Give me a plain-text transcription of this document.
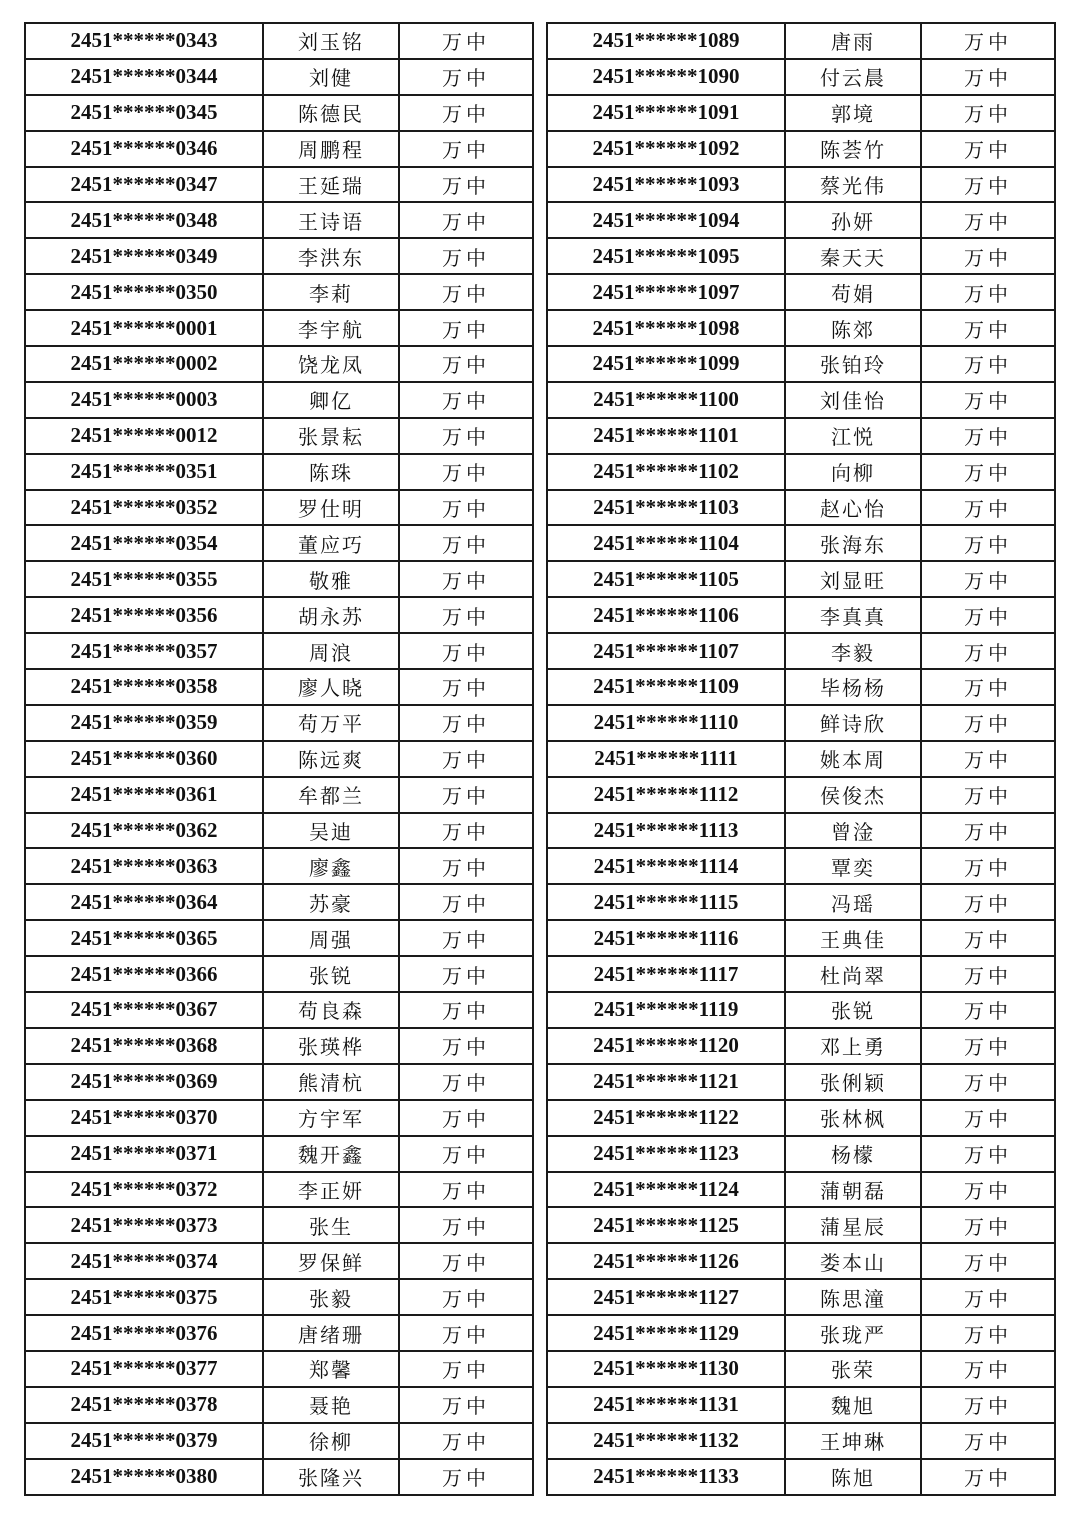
2451******0343	刘玉铭	万中
2451******0344	刘健	万中
2451******0345	陈德民	万中
2451******0346	周鹏程	万中
2451******0347	王延瑞	万中
2451******0348	王诗语	万中
2451******0349	李洪东	万中
2451******0350	李莉	万中
2451******0001	李宇航	万中
2451******0002	饶龙凤	万中
2451******0003	卿亿	万中
2451******0012	张景耘	万中
2451******0351	陈珠	万中
2451******0352	罗仕明	万中
2451******0354	董应巧	万中
2451******0355	敬雅	万中
2451******0356	胡永苏	万中
2451******0357	周浪	万中
2451******0358	廖人晓	万中
2451******0359	苟万平	万中
2451******0360	陈远爽	万中
2451******0361	牟都兰	万中
2451******0362	吴迪	万中
2451******0363	廖鑫	万中
2451******0364	苏豪	万中
2451******0365	周强	万中
2451******0366	张锐	万中
2451******0367	苟良森	万中
2451******0368	张瑛桦	万中
2451******0369	熊清杭	万中
2451******0370	方宇军	万中
2451******0371	魏开鑫	万中
2451******0372	李正妍	万中
2451******0373	张生	万中
2451******0374	罗保鲜	万中
2451******0375	张毅	万中
2451******0376	唐绪珊	万中
2451******0377	郑馨	万中
2451******0378	聂艳	万中
2451******0379	徐柳	万中
2451******0380	张隆兴	万中
2451******1089	唐雨	万中
2451******1090	付云晨	万中
2451******1091	郭境	万中
2451******1092	陈荟竹	万中
2451******1093	蔡光伟	万中
2451******1094	孙妍	万中
2451******1095	秦天天	万中
2451******1097	苟娟	万中
2451******1098	陈郊	万中
2451******1099	张铂玲	万中
2451******1100	刘佳怡	万中
2451******1101	江悦	万中
2451******1102	向柳	万中
2451******1103	赵心怡	万中
2451******1104	张海东	万中
2451******1105	刘显旺	万中
2451******1106	李真真	万中
2451******1107	李毅	万中
2451******1109	毕杨杨	万中
2451******1110	鲜诗欣	万中
2451******1111	姚本周	万中
2451******1112	侯俊杰	万中
2451******1113	曾淦	万中
2451******1114	覃奕	万中
2451******1115	冯瑶	万中
2451******1116	王典佳	万中
2451******1117	杜尚翠	万中
2451******1119	张锐	万中
2451******1120	邓上勇	万中
2451******1121	张俐颖	万中
2451******1122	张林枫	万中
2451******1123	杨檬	万中
2451******1124	蒲朝磊	万中
2451******1125	蒲星辰	万中
2451******1126	娄本山	万中
2451******1127	陈思潼	万中
2451******1129	张珑严	万中
2451******1130	张荣	万中
2451******1131	魏旭	万中
2451******1132	王坤琳	万中
2451******1133	陈旭	万中
